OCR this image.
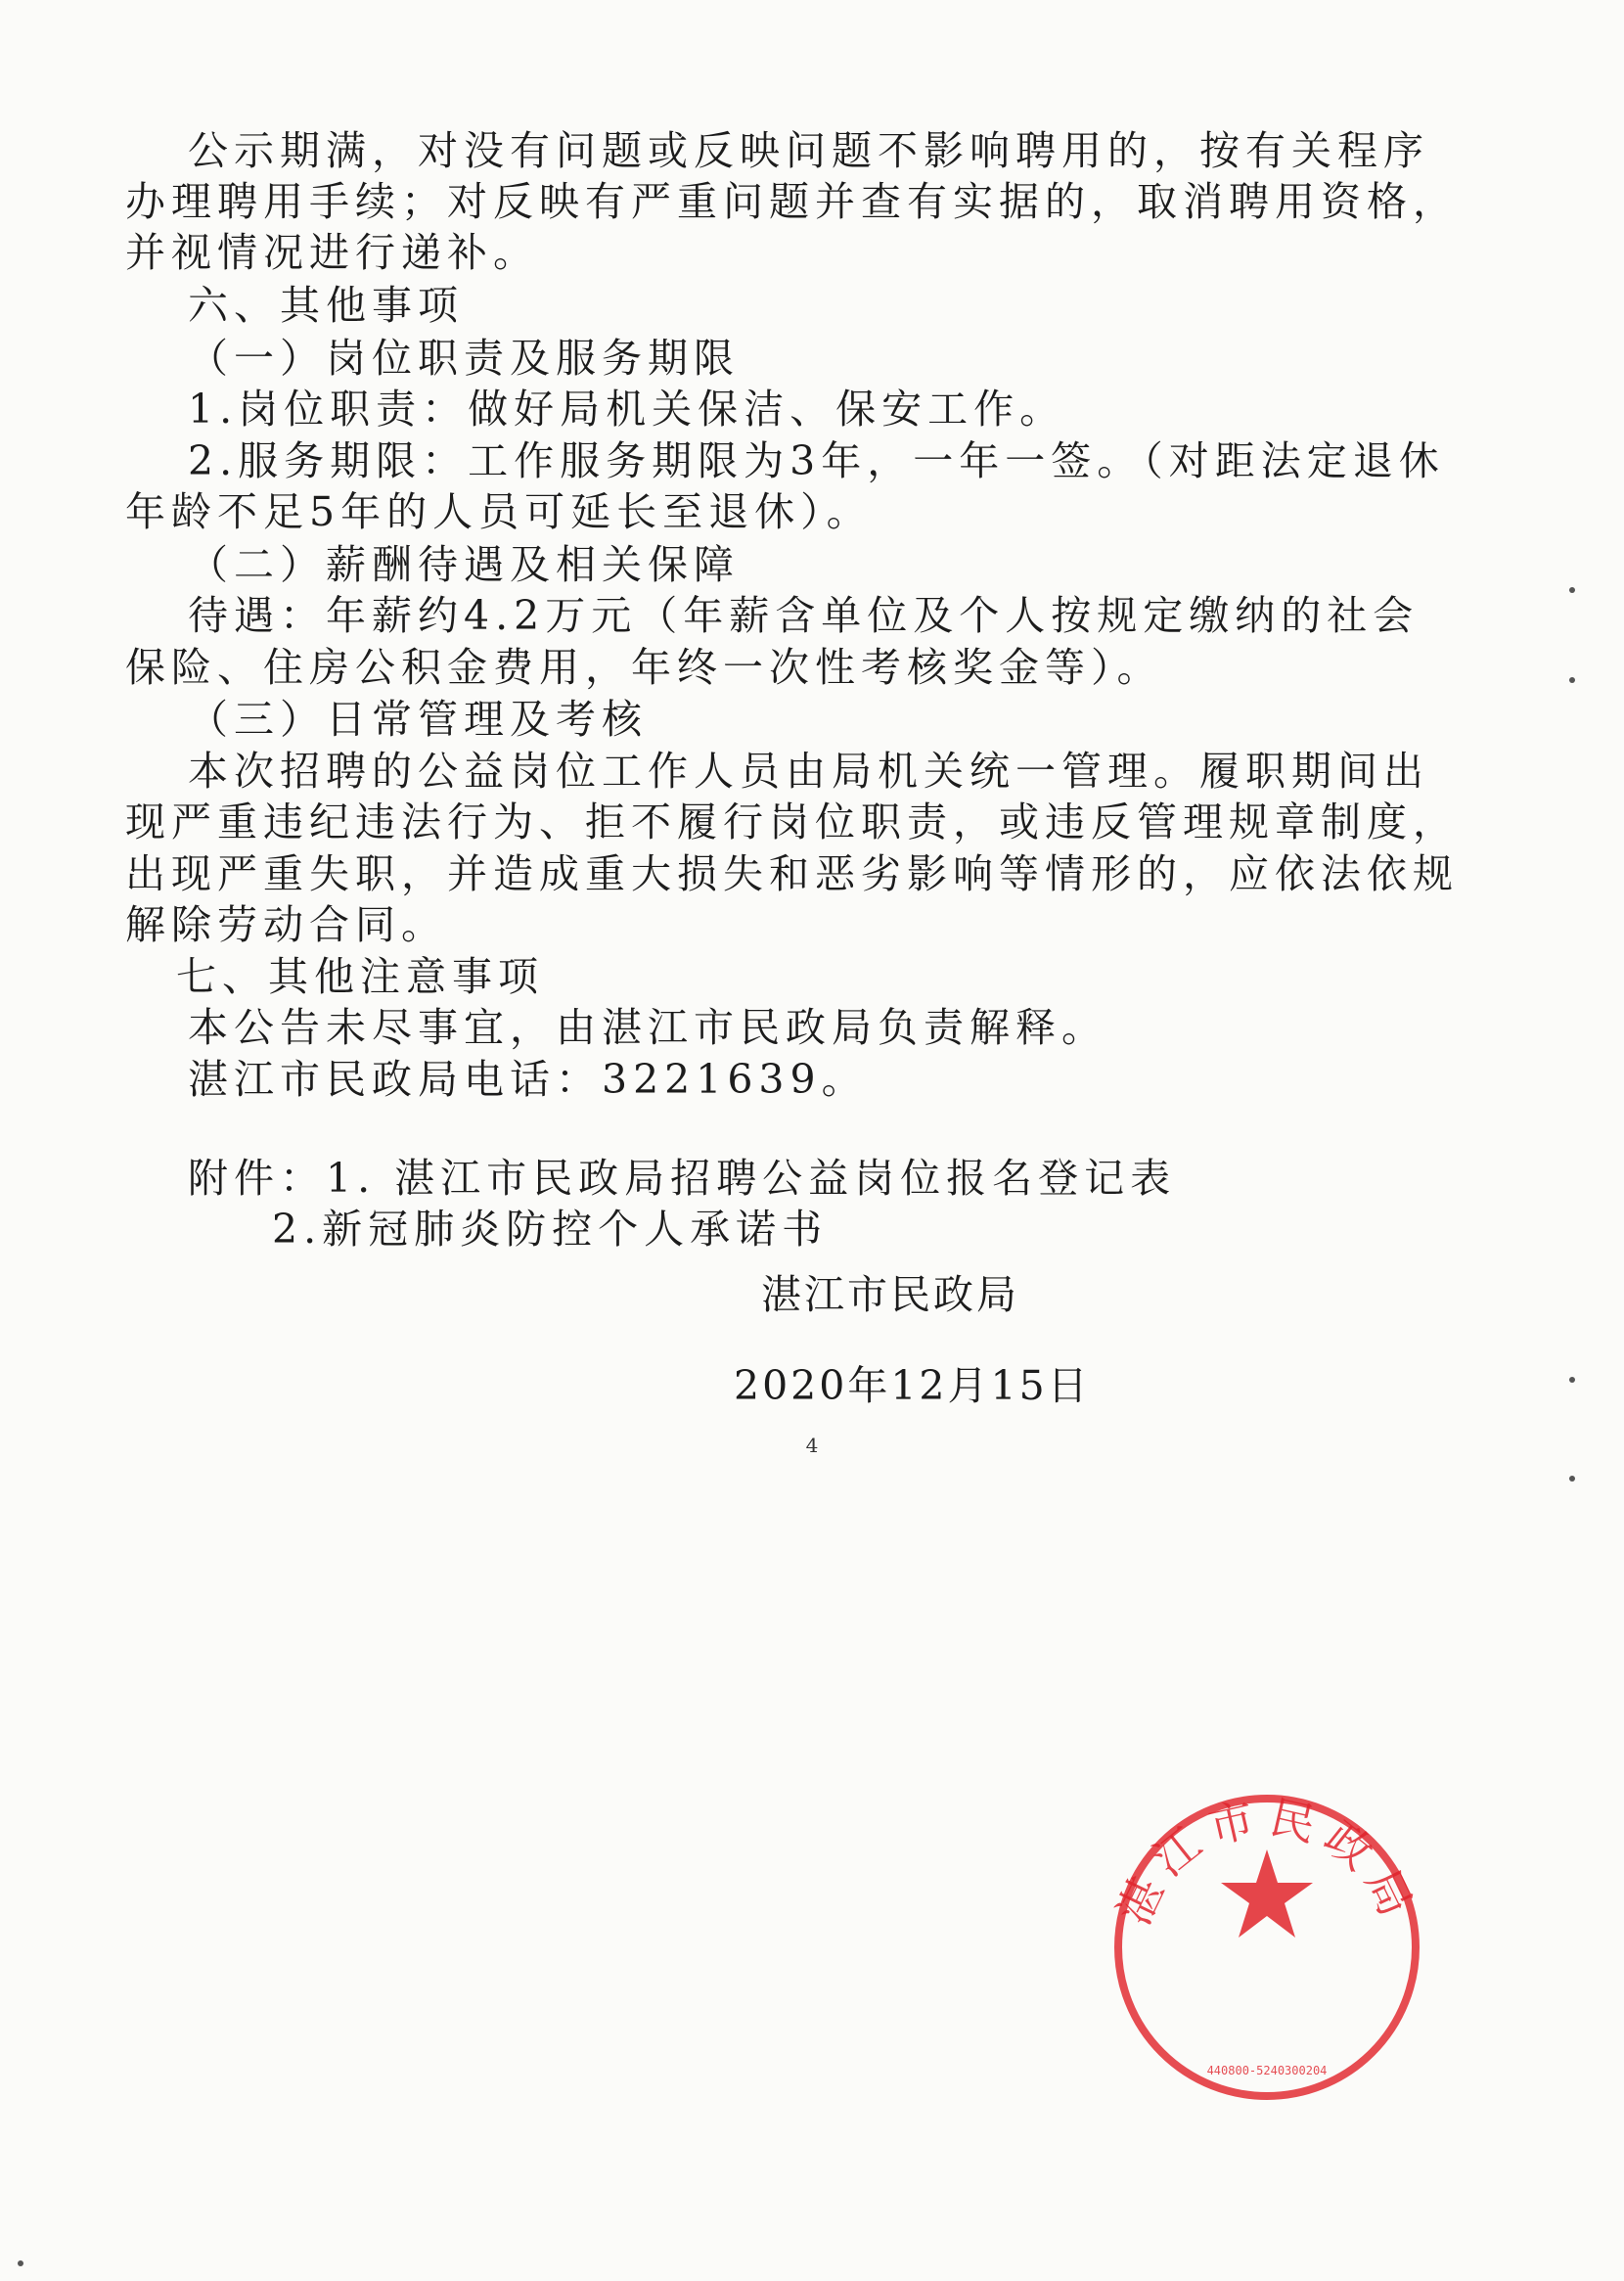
公示期满，对没有问题或反映问题不影响聘用的，按有关程序
办理聘用手续；对反映有严重问题并查有实据的，取消聘用资格，
并视情况进行递补。
六、其他事项
（一）岗位职责及服务期限
1.岗位职责：做好局机关保洁、保安工作。
2.服务期限：工作服务期限为3年，一年一签。（对距法定退休
年龄不足5年的人员可延长至退休）。
（二）薪酬待遇及相关保障
待遇：年薪约4.2万元（年薪含单位及个人按规定缴纳的社会
保险、住房公积金费用，年终一次性考核奖金等）。
（三）日常管理及考核
本次招聘的公益岗位工作人员由局机关统一管理。履职期间出
现严重违纪违法行为、拒不履行岗位职责，或违反管理规章制度，
出现严重失职，并造成重大损失和恶劣影响等情形的，应依法依规
解除劳动合同。
七、其他注意事项
本公告未尽事宜，由湛江市民政局负责解释。
湛江市民政局电话：3221639。
附件：1. 湛江市民政局招聘公益岗位报名登记表
2.新冠肺炎防控个人承诺书
湛江市民政局
440800-5240300204
湛江市民政局
2020年12月15日
4
